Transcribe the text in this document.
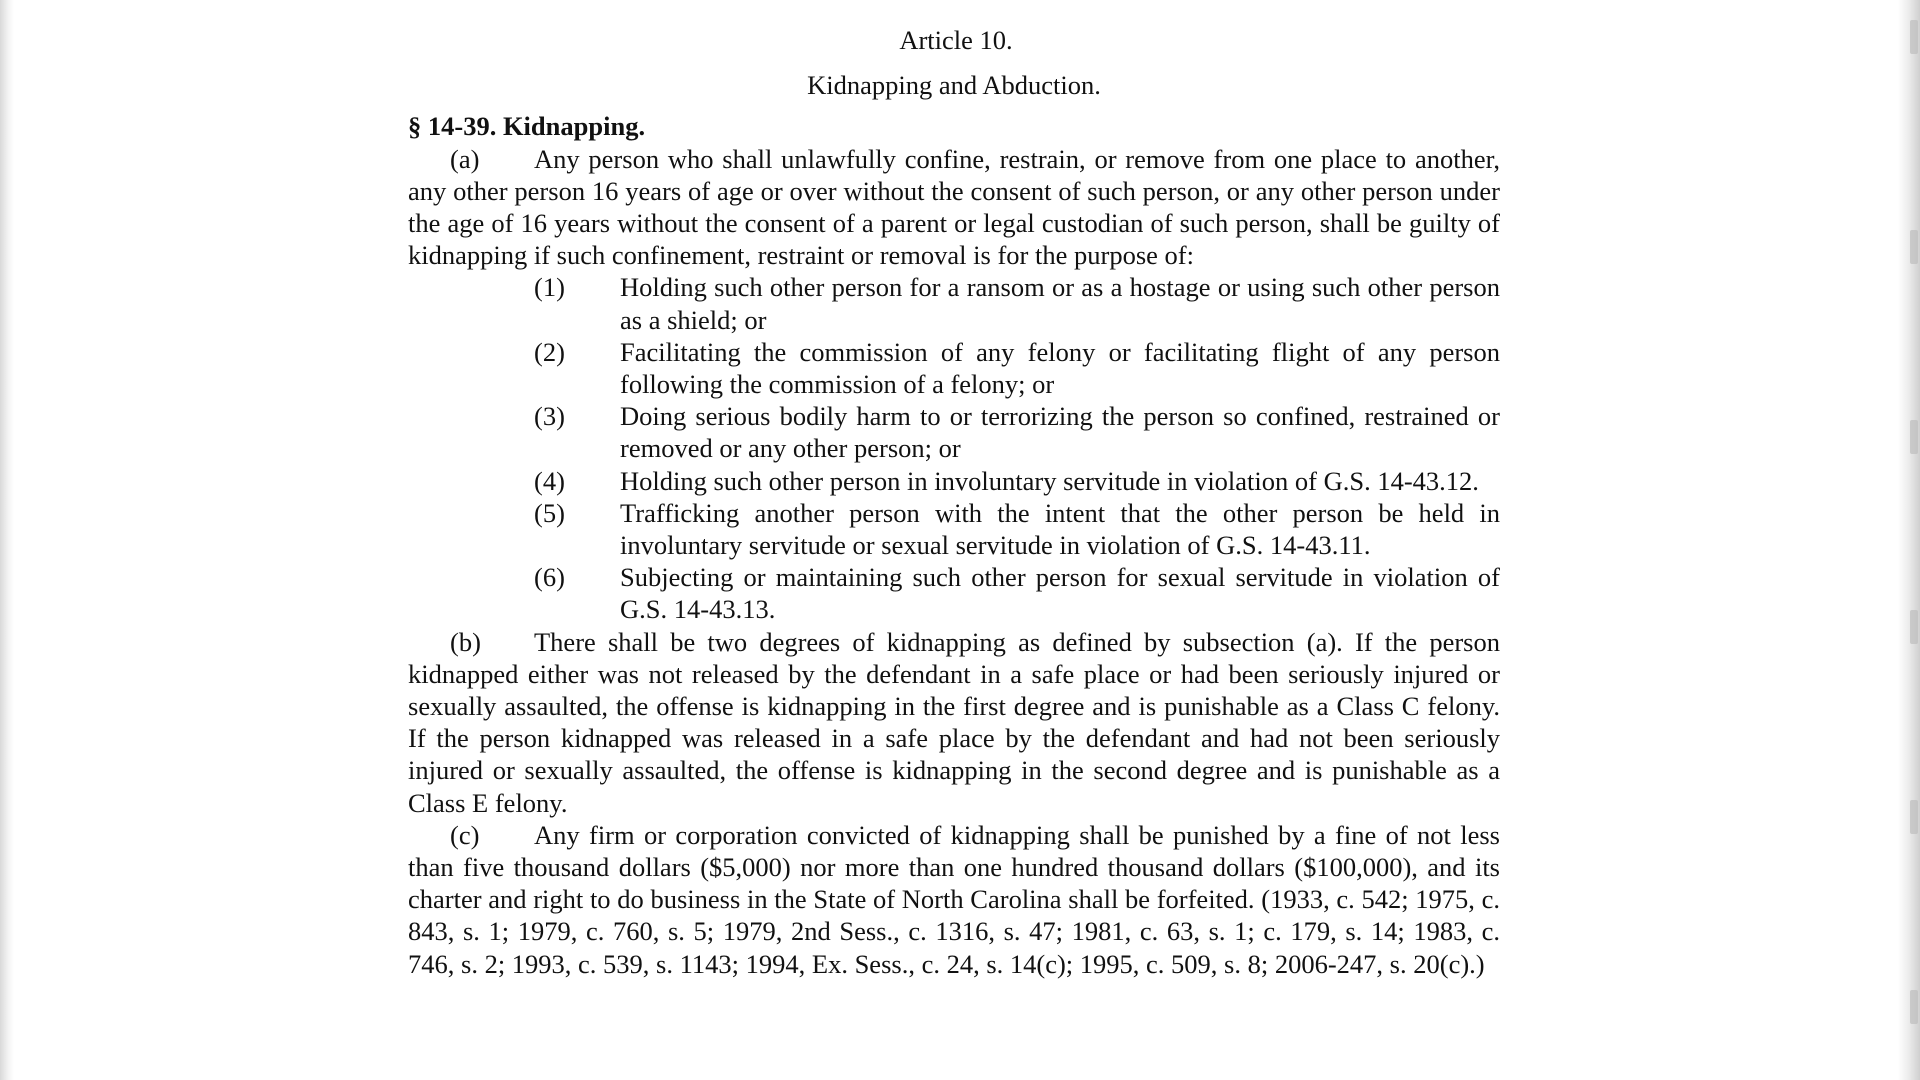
Article 10.

Kidnapping and Abduction.

§ 14-39. Kidnapping.

(a) Any person who shall unlawfully confine, restrain, or remove from one place to another, any other person 16 years of age or over without the consent of such person, or any other person under the age of 16 years without the consent of a parent or legal custodian of such person, shall be guilty of kidnapping if such confinement, restraint or removal is for the purpose of:

(1)	Holding such other person for a ransom or as a hostage or using such other person as a shield; or
(2)	Facilitating the commission of any felony or facilitating flight of any person following the commission of a felony; or
(3)	Doing serious bodily harm to or terrorizing the person so confined, restrained or removed or any other person; or
(4)	Holding such other person in involuntary servitude in violation of G.S. 14-43.12.
(5)	Trafficking another person with the intent that the other person be held in involuntary servitude or sexual servitude in violation of G.S. 14-43.11.
(6)	Subjecting or maintaining such other person for sexual servitude in violation of G.S. 14-43.13.

(b) There shall be two degrees of kidnapping as defined by subsection (a). If the person kidnapped either was not released by the defendant in a safe place or had been seriously injured or sexually assaulted, the offense is kidnapping in the first degree and is punishable as a Class C felony. If the person kidnapped was released in a safe place by the defendant and had not been seriously injured or sexually assaulted, the offense is kidnapping in the second degree and is punishable as a Class E felony.

(c) Any firm or corporation convicted of kidnapping shall be punished by a fine of not less than five thousand dollars ($5,000) nor more than one hundred thousand dollars ($100,000), and its charter and right to do business in the State of North Carolina shall be forfeited. (1933, c. 542; 1975, c. 843, s. 1; 1979, c. 760, s. 5; 1979, 2nd Sess., c. 1316, s. 47; 1981, c. 63, s. 1; c. 179, s. 14; 1983, c. 746, s. 2; 1993, c. 539, s. 1143; 1994, Ex. Sess., c. 24, s. 14(c); 1995, c. 509, s. 8; 2006-247, s. 20(c).)
